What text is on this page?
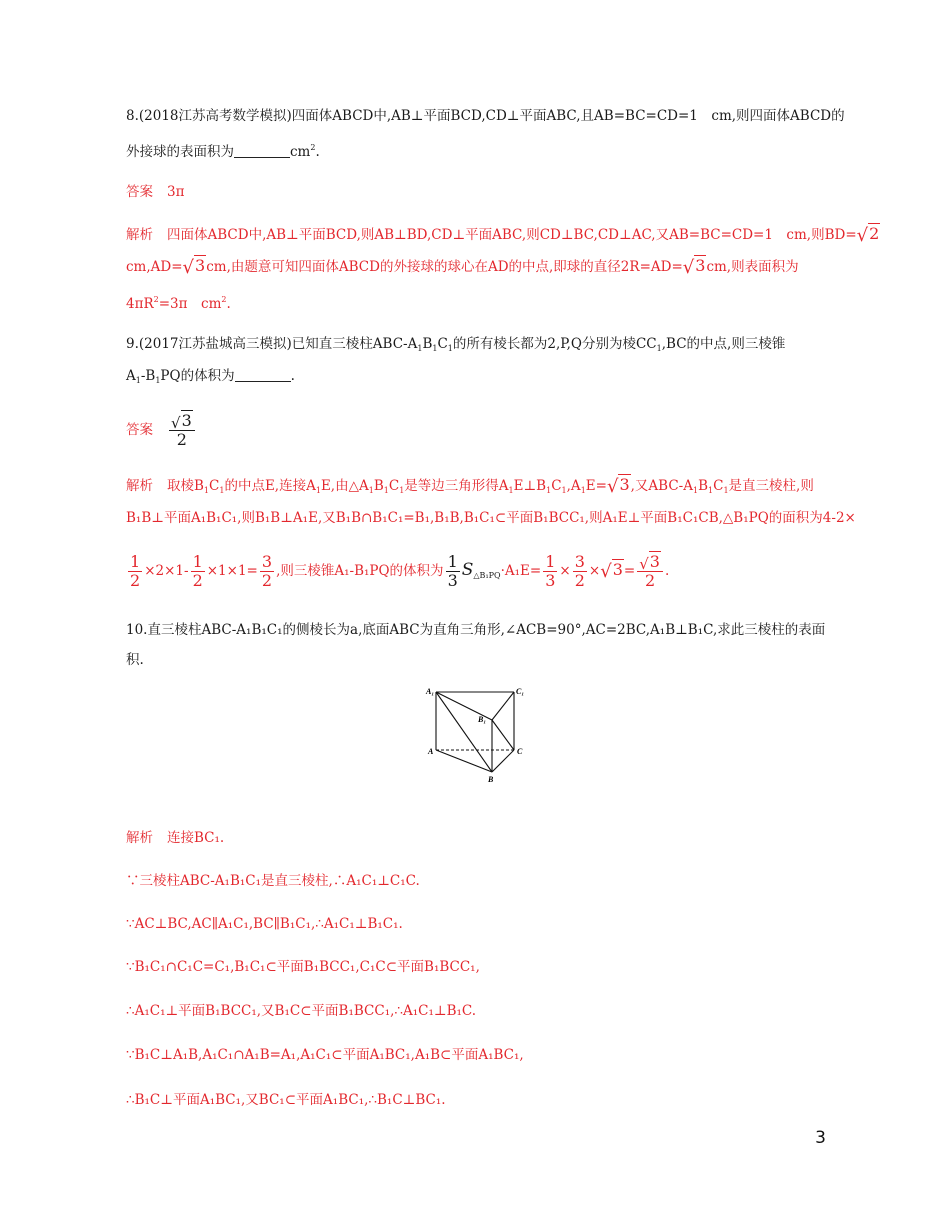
8.(2018江苏高考数学模拟)四面体ABCD中,AB⊥平面BCD,CD⊥平面ABC,且AB=BC=CD=1　cm,则四面体ABCD的
外接球的表面积为	$cm^2$.
答案 3π
解析 四面体ABCD中,AB⊥平面BCD,则AB⊥BD,CD⊥平面ABC,则CD⊥BC,CD⊥AC,又AB=BC=CD=1　cm,则BD=√2
cm,AD=√3cm,由题意可知四面体ABCD的外接球的球心在AD的中点,即球的直径2R=AD=√3cm,则表面积为
$4\pi R^2=3\pi$　$cm^2$.
9.(2017江苏盐城高三模拟)已知直三棱柱ABC-$A_1B_1C_1$的所有棱长都为2,P,Q分别为棱$CC_1,BC$的中点,则三棱锥
$A_1-B_1PQ$的体积为	.
答案 $\frac{√3}{2}$
解析 取棱$B_1C_1$的中点E,连接$A_1E$,由$\triangle A_1B_1C_1$是等边三角形得$A_1E\perp B_1C_1,A_1E=√3$,又ABC-$A_1B_1C_1$是直三棱柱,则
B₁B⊥平面A₁B₁C₁,则B₁B⊥A₁E,又B₁B∩B₁C₁=B₁,B₁B,B₁C₁⊂平面B₁BCC₁,则A₁E⊥平面B₁C₁CB,△B₁PQ的面积为4-2×
$\frac{1}{2} \times 2\times 1- \frac{1}{2} \times 1\times 1= \frac{3}{2}$ ,则三棱锥A₁-B₁PQ的体积为 $\frac{1}{3} S_{\triangle B_1PQ}\cdot A_1E= \frac{1}{3} \times \frac{3}{2} \times√3= \frac{√3}{2}$ .
10.直三棱柱ABC-A₁B₁C₁的侧棱长为a,底面ABC为直角三角形,∠ACB=90°,AC=2BC,A₁B⊥B₁C,求此三棱柱的表面
积.
A₁	C₁
B₁
A	C
B
解析 连接BC₁.
∵三棱柱ABC-A₁B₁C₁是直三棱柱,∴A₁C₁⊥C₁C.
∵AC⊥BC,AC∥A₁C₁,BC∥B₁C₁,∴A₁C₁⊥B₁C₁.
∵B₁C₁∩C₁C=C₁,B₁C₁⊂平面B₁BCC₁,C₁C⊂平面B₁BCC₁,
∴A₁C₁⊥平面B₁BCC₁,又B₁C⊂平面B₁BCC₁,∴A₁C₁⊥B₁C.
∵B₁C⊥A₁B,A₁C₁∩A₁B=A₁,A₁C₁⊂平面A₁BC₁,A₁B⊂平面A₁BC₁,
∴B₁C⊥平面A₁BC₁,又BC₁⊂平面A₁BC₁,∴B₁C⊥BC₁.
3
